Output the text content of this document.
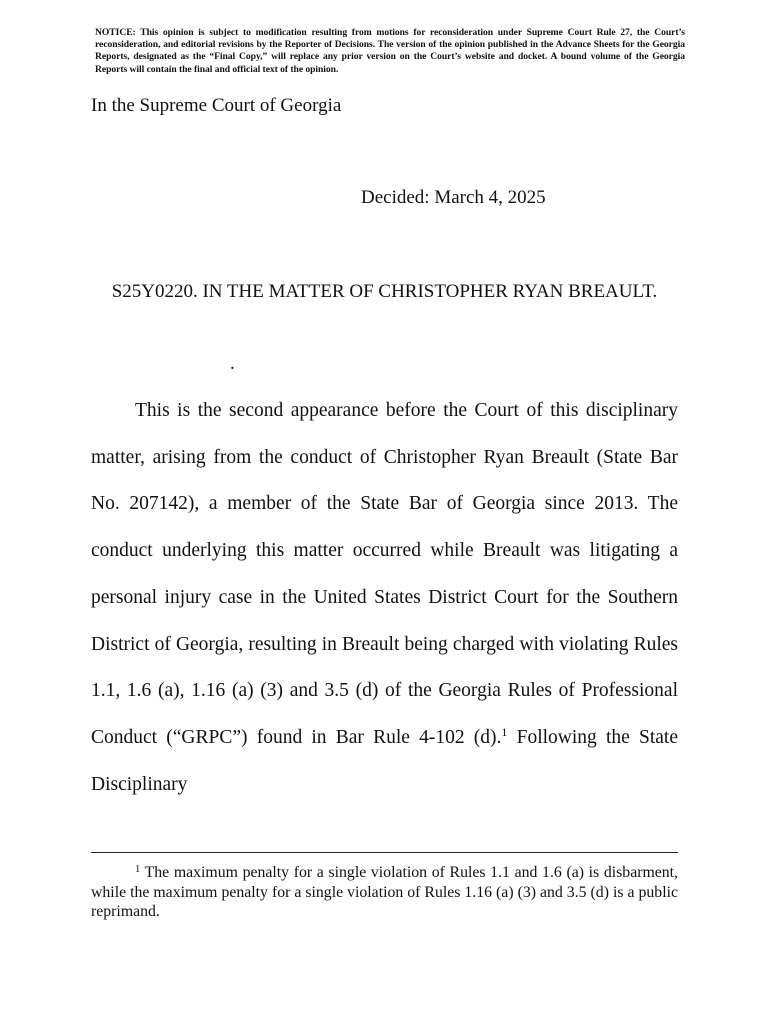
NOTICE: This opinion is subject to modification resulting from motions for reconsideration under Supreme Court Rule 27, the Court’s reconsideration, and editorial revisions by the Reporter of Decisions. The version of the opinion published in the Advance Sheets for the Georgia Reports, designated as the “Final Copy,” will replace any prior version on the Court’s website and docket. A bound volume of the Georgia Reports will contain the final and official text of the opinion.
In the Supreme Court of Georgia
Decided: March 4, 2025
S25Y0220. IN THE MATTER OF CHRISTOPHER RYAN BREAULT.
.
This is the second appearance before the Court of this disciplinary matter, arising from the conduct of Christopher Ryan Breault (State Bar No. 207142), a member of the State Bar of Georgia since 2013. The conduct underlying this matter occurred while Breault was litigating a personal injury case in the United States District Court for the Southern District of Georgia, resulting in Breault being charged with violating Rules 1.1, 1.6 (a), 1.16 (a) (3) and 3.5 (d) of the Georgia Rules of Professional Conduct (“GRPC”) found in Bar Rule 4-102 (d).$^1$ Following the State Disciplinary
$^1$ The maximum penalty for a single violation of Rules 1.1 and 1.6 (a) is disbarment, while the maximum penalty for a single violation of Rules 1.16 (a) (3) and 3.5 (d) is a public reprimand.
